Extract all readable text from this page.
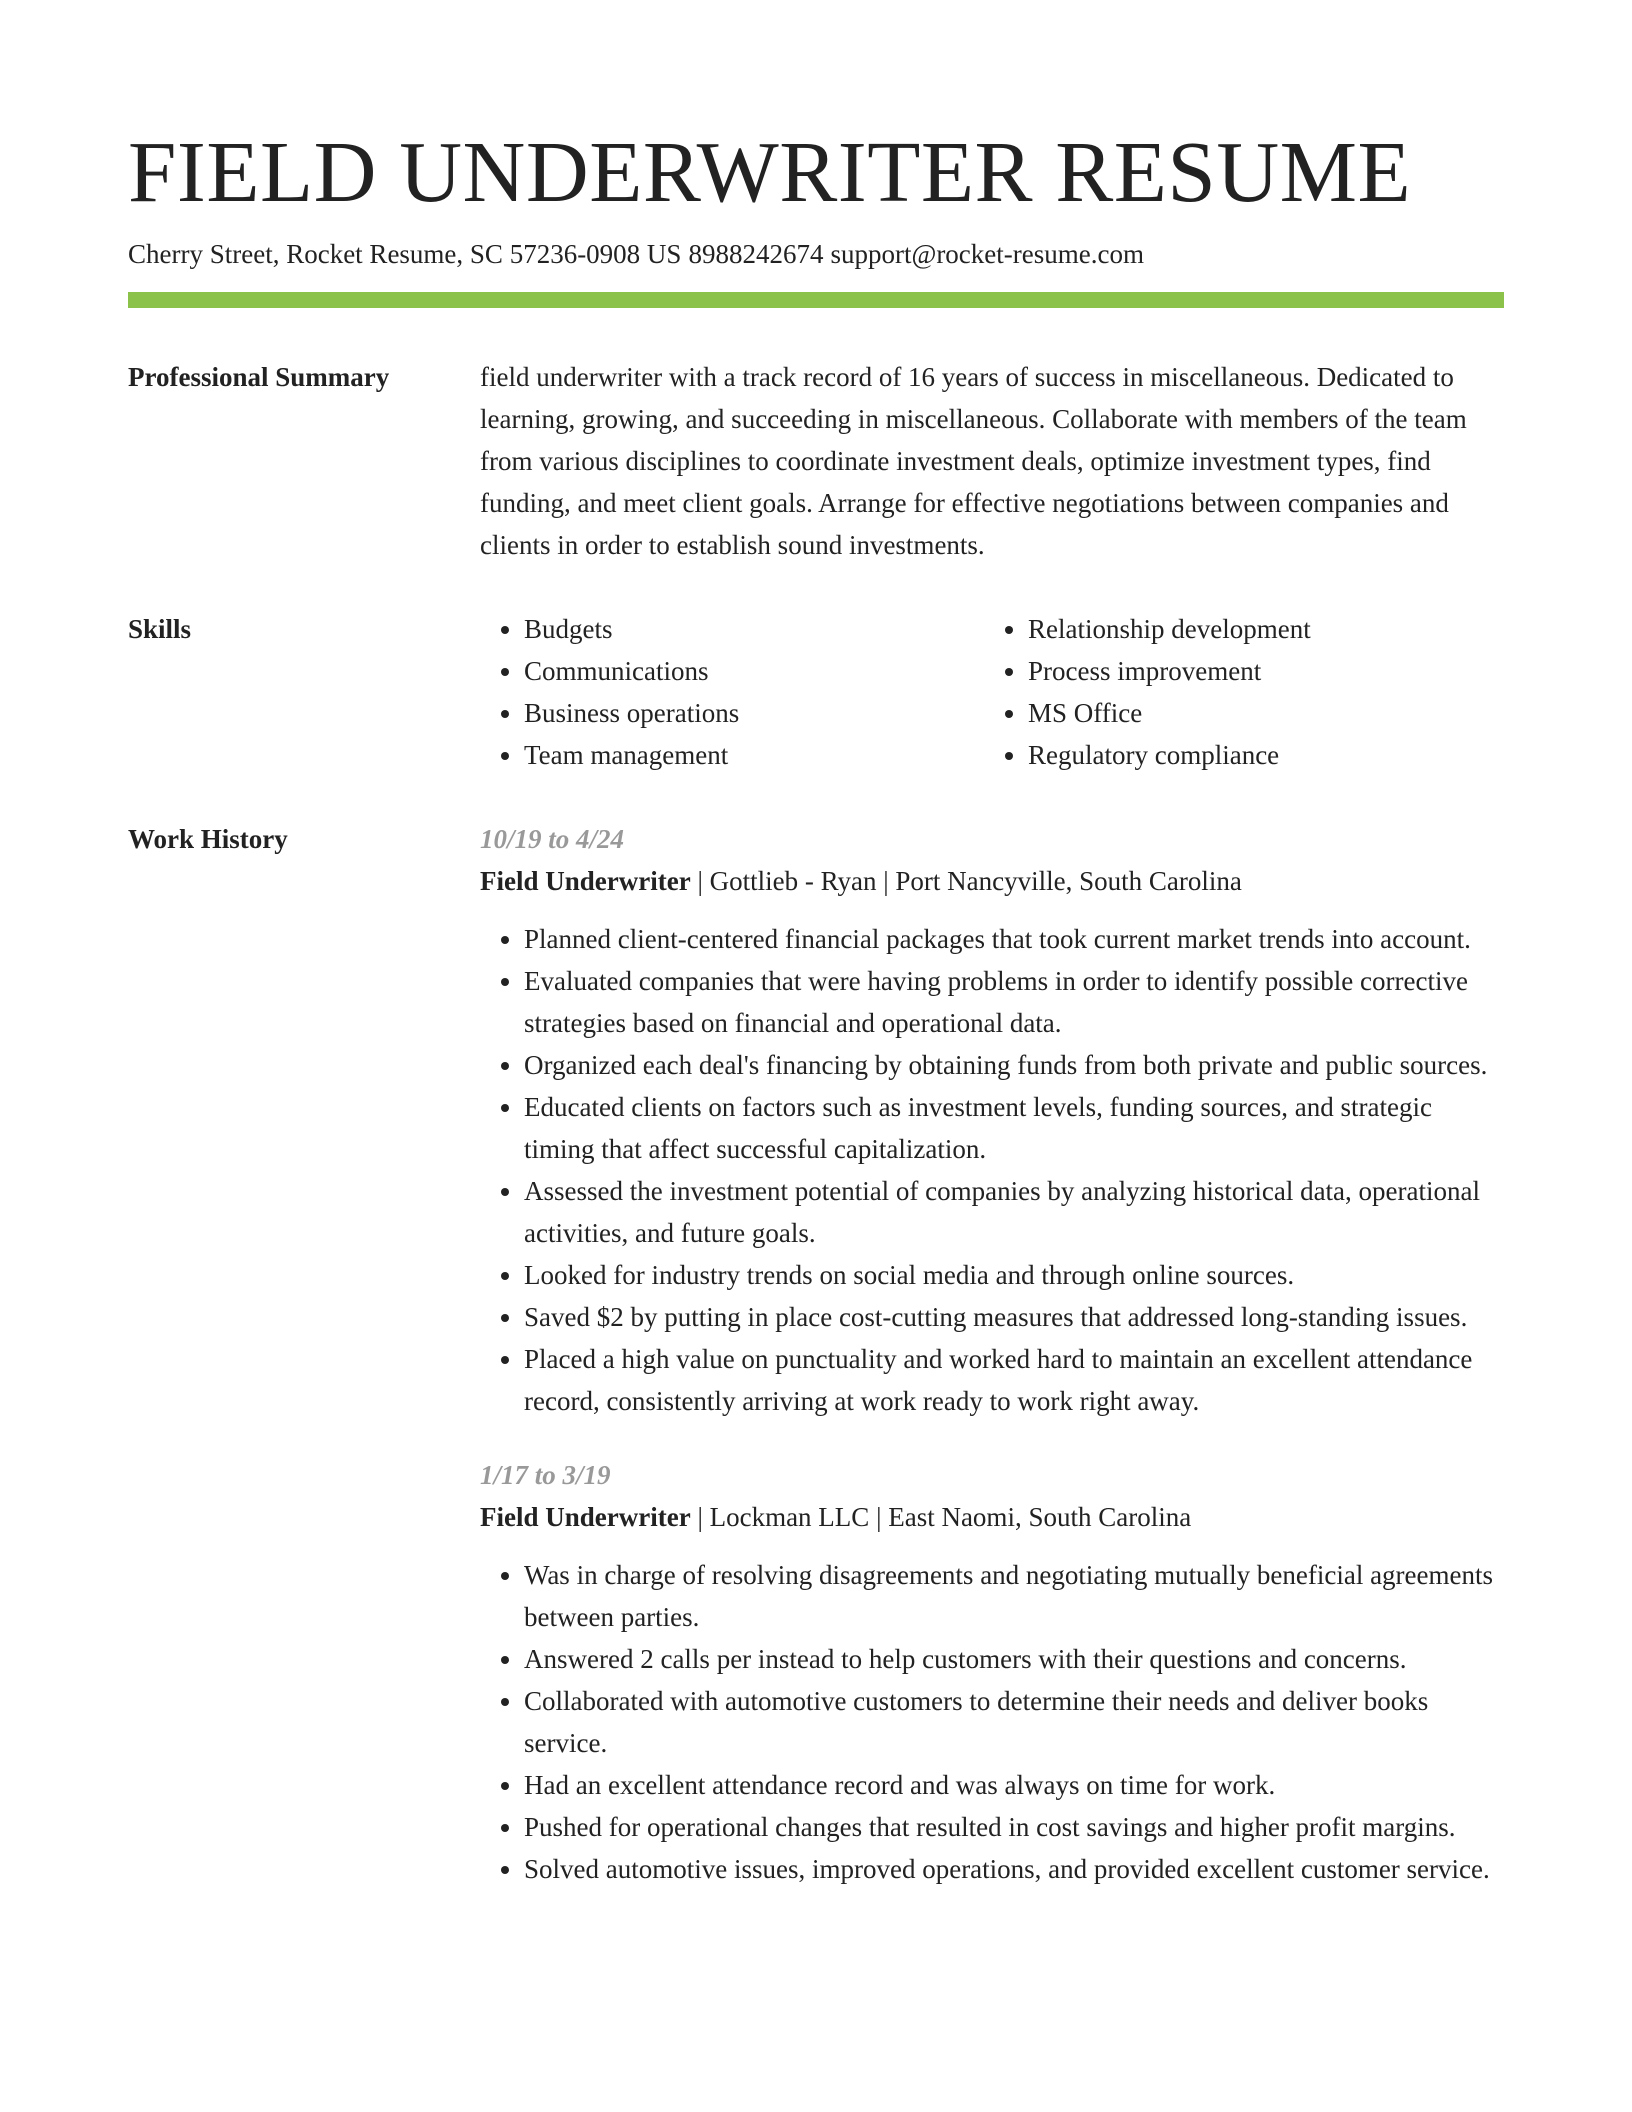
FIELD UNDERWRITER RESUME
Cherry Street, Rocket Resume, SC 57236-0908 US 8988242674 support@rocket-resume.com
Professional Summary	field underwriter with a track record of 16 years of success in miscellaneous. Dedicated to learning, growing, and succeeding in miscellaneous. Collaborate with members of the team from various disciplines to coordinate investment deals, optimize investment types, find funding, and meet client goals. Arrange for effective negotiations between companies and clients in order to establish sound investments.

Skills
•	Budgets
• Communications
• Business operations
• Team management
• Relationship development
• Process improvement
• MS Office
• Regulatory compliance
Work History	10/19 to 4/24
Field Underwriter | Gottlieb - Ryan | Port Nancyville, South Carolina
• Planned client-centered financial packages that took current market trends into account.
• Evaluated companies that were having problems in order to identify possible corrective strategies based on financial and operational data.
• Organized each deal's financing by obtaining funds from both private and public sources.
• Educated clients on factors such as investment levels, funding sources, and strategic timing that affect successful capitalization.
• Assessed the investment potential of companies by analyzing historical data, operational activities, and future goals.
• Looked for industry trends on social media and through online sources.
• Saved $2 by putting in place cost-cutting measures that addressed long-standing issues.
• Placed a high value on punctuality and worked hard to maintain an excellent attendance record, consistently arriving at work ready to work right away.
1/17 to 3/19
Field Underwriter | Lockman LLC | East Naomi, South Carolina
• Was in charge of resolving disagreements and negotiating mutually beneficial agreements between parties.
• Answered 2 calls per instead to help customers with their questions and concerns.
• Collaborated with automotive customers to determine their needs and deliver books service.
• Had an excellent attendance record and was always on time for work.
• Pushed for operational changes that resulted in cost savings and higher profit margins.
• Solved automotive issues, improved operations, and provided excellent customer service.
